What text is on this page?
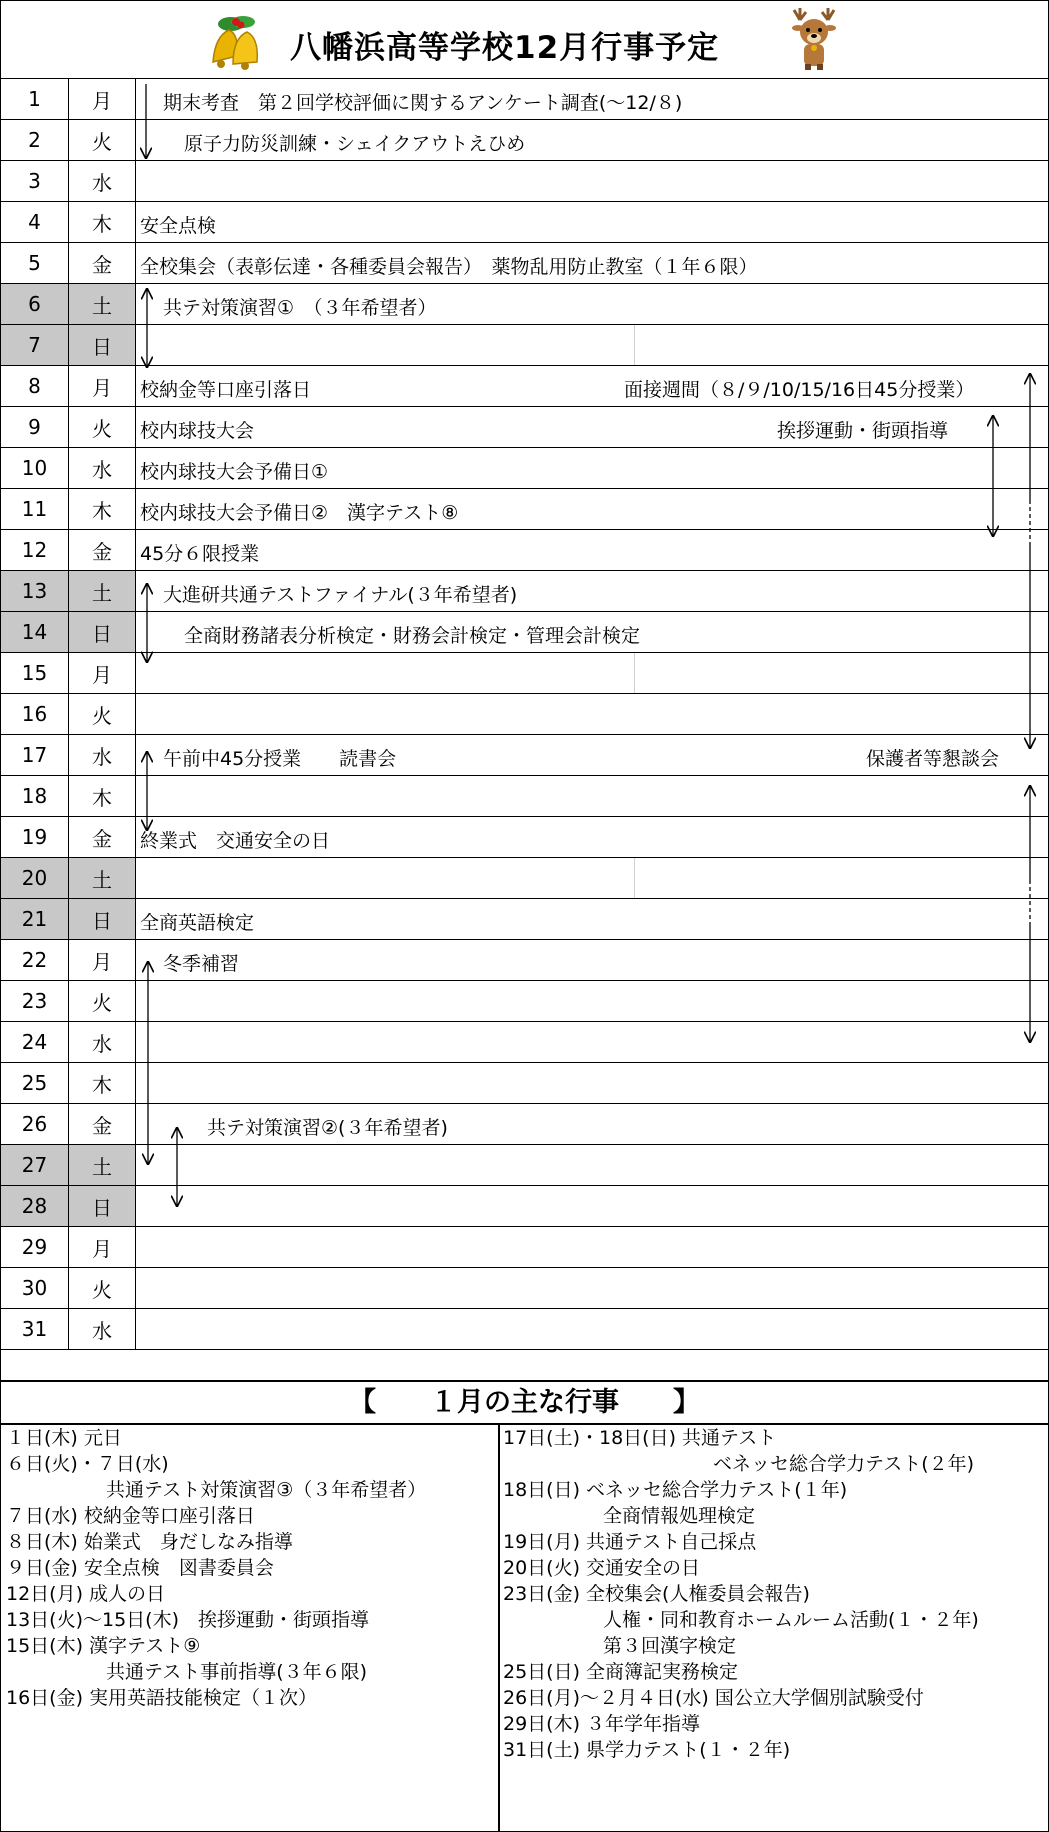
八幡浜高等学校12月行事予定
1	月	期末考査　第２回学校評価に関するアンケート調査(～12/８)

2	火	原子力防災訓練・シェイクアウトえひめ

3	水	
4	木	安全点検

5	金	全校集会（表彰伝達・各種委員会報告）　薬物乱用防止教室（１年６限）

6	土	共テ対策演習①　（３年希望者）

7	日	

8	月	校納金等口座引落日 面接週間（８/９/10/15/16日45分授業）

9	火	校内球技大会 挨拶運動・街頭指導

10	水	校内球技大会予備日①

11	木	校内球技大会予備日②　漢字テスト⑧

12	金	45分６限授業

13	土	大進研共通テストファイナル(３年希望者)

14	日	全商財務諸表分析検定・財務会計検定・管理会計検定

15	月	

16	火	
17	水	午前中45分授業　　読書会 保護者等懇談会

18	木	
19	金	終業式　交通安全の日

20	土	

21	日	全商英語検定

22	月	冬季補習

23	火	
24	水	
25	木	
26	金	共テ対策演習②(３年希望者)

27	土	
28	日	
29	月	
30	火	
31	水	
【　　１月の主な行事　　】
１日(木) 元日
６日(火)・７日(水)
共通テスト対策演習③（３年希望者）
７日(水) 校納金等口座引落日
８日(木) 始業式　身だしなみ指導
９日(金) 安全点検　図書委員会
12日(月) 成人の日
13日(火)～15日(木)　挨拶運動・街頭指導
15日(木) 漢字テスト⑨
共通テスト事前指導(３年６限)
16日(金) 実用英語技能検定（１次）
17日(土)・18日(日) 共通テスト
ベネッセ総合学力テスト(２年)
18日(日) ベネッセ総合学力テスト(１年)
全商情報処理検定
19日(月) 共通テスト自己採点
20日(火) 交通安全の日
23日(金) 全校集会(人権委員会報告)
人権・同和教育ホームルーム活動(１・２年)
第３回漢字検定
25日(日) 全商簿記実務検定
26日(月)～２月４日(水) 国公立大学個別試験受付
29日(木) ３年学年指導
31日(土) 県学力テスト(１・２年)
